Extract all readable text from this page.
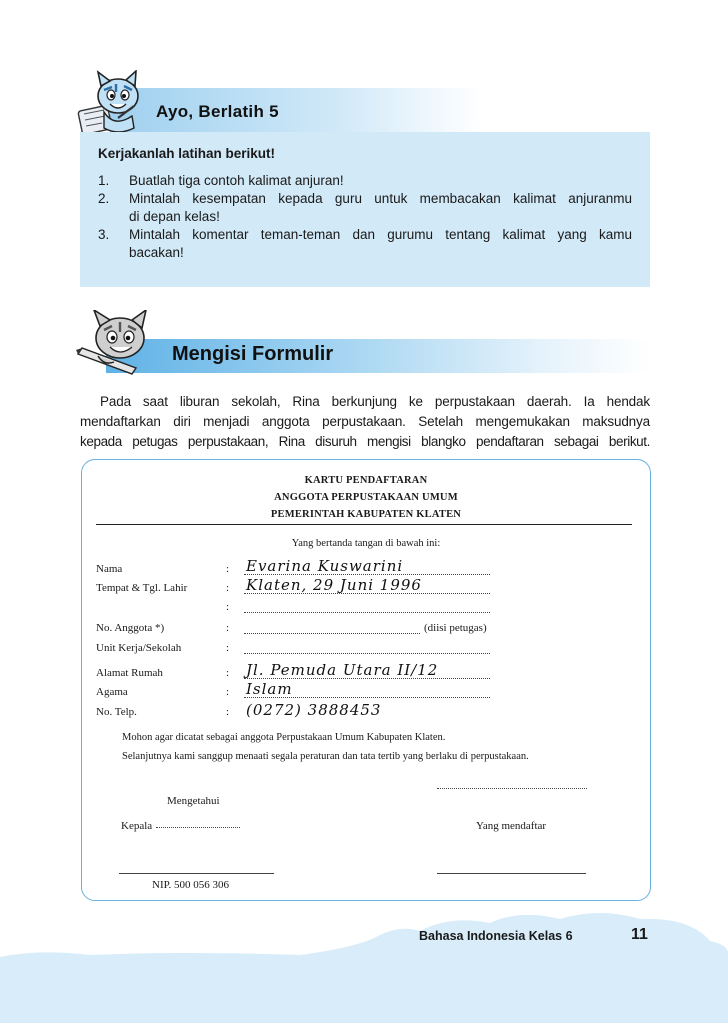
Ayo, Berlatih 5
Kerjakanlah latihan berikut!
1.	Buatlah tiga contoh kalimat anjuran!
2.	Mintalah kesempatan kepada guru untuk membacakan kalimat anjuranmu
di depan kelas!
3.	Mintalah komentar teman-teman dan gurumu tentang kalimat yang kamu
bacakan!
Mengisi Formulir
Pada saat liburan sekolah, Rina berkunjung ke perpustakaan daerah. Ia hendak
mendaftarkan diri menjadi anggota perpustakaan. Setelah mengemukakan maksudnya
kepada petugas perpustakaan, Rina disuruh mengisi blangko pendaftaran sebagai berikut.
KARTU PENDAFTARAN
ANGGOTA PERPUSTAKAAN UMUM
PEMERINTAH KABUPATEN KLATEN
Yang bertanda tangan di bawah ini:
Nama	: Evarina Kuswarini
Tempat & Tgl. Lahir	: Klaten, 29 Juni 1996
:
No. Anggota *)	:	(diisi petugas)
Unit Kerja/Sekolah	:
Alamat Rumah	: Jl. Pemuda Utara II/12
Agama	: Islam
No. Telp.	: (0272) 3888453
Mohon agar dicatat sebagai anggota Perpustakaan Umum Kabupaten Klaten.
Selanjutnya kami sanggup menaati segala peraturan dan tata tertib yang berlaku di perpustakaan.
Mengetahui
Kepala	Yang mendaftar
NIP. 500 056 306
Bahasa Indonesia Kelas 6	11
